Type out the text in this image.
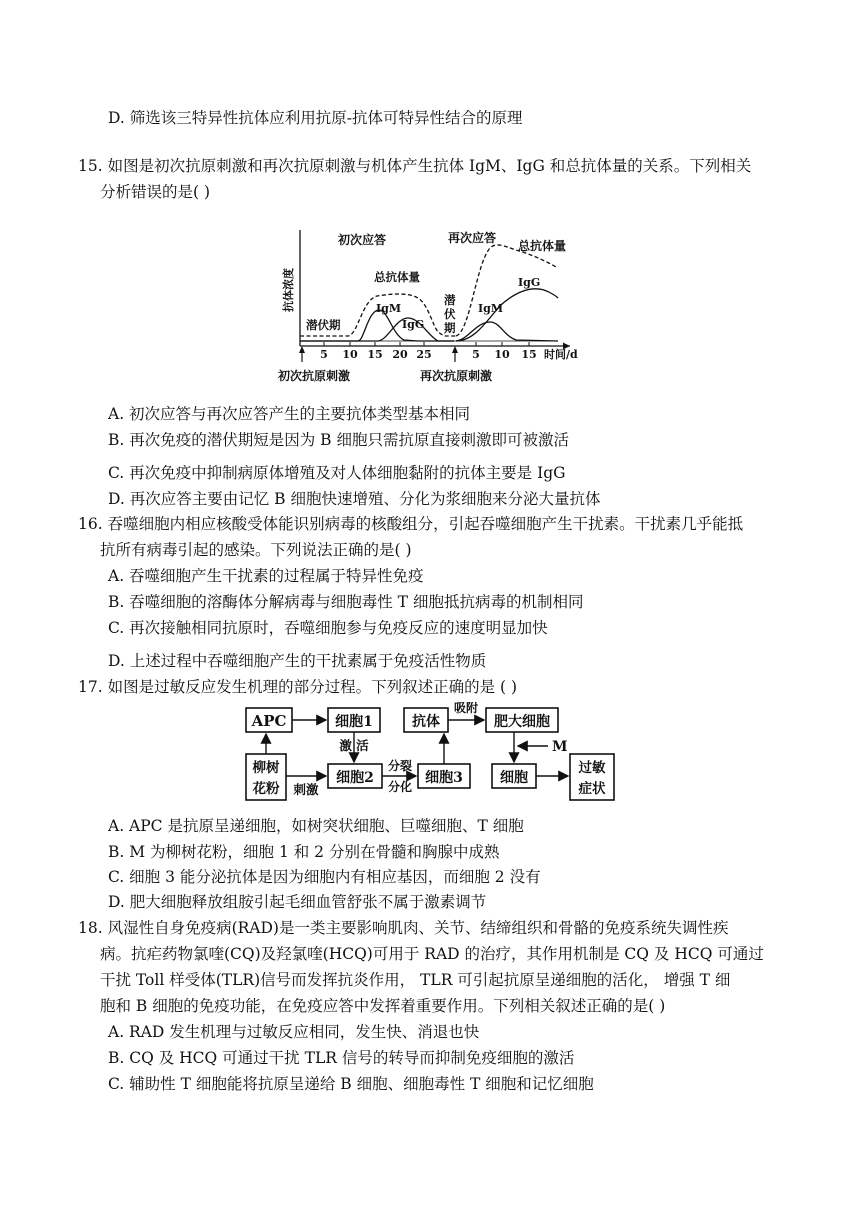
D. 筛选该三特异性抗体应利用抗原-抗体可特异性结合的原理
15. 如图是初次抗原刺激和再次抗原刺激与机体产生抗体 IgM、IgG 和总抗体量的关系。下列相关
分析错误的是( )
抗体浓度
初次应答	再次应答
总抗体量
总抗体量
IgM
IgG
IgM
IgG
潜伏期
潜
伏
期
5 10 15 20 25	5 10 15 时间/d
初次抗原刺激	再次抗原刺激
A. 初次应答与再次应答产生的主要抗体类型基本相同
B. 再次免疫的潜伏期短是因为 B 细胞只需抗原直接刺激即可被激活
C. 再次免疫中抑制病原体增殖及对人体细胞黏附的抗体主要是 IgG
D. 再次应答主要由记忆 B 细胞快速增殖、分化为浆细胞来分泌大量抗体
16. 吞噬细胞内相应核酸受体能识别病毒的核酸组分，引起吞噬细胞产生干扰素。干扰素几乎能抵
抗所有病毒引起的感染。下列说法正确的是( )
A. 吞噬细胞产生干扰素的过程属于特异性免疫
B. 吞噬细胞的溶酶体分解病毒与细胞毒性 T 细胞抵抗病毒的机制相同
C. 再次接触相同抗原时，吞噬细胞参与免疫反应的速度明显加快
D. 上述过程中吞噬细胞产生的干扰素属于免疫活性物质
17. 如图是过敏反应发生机理的部分过程。下列叙述正确的是 ( )
APC	细胞1	抗体
吸附
肥大细胞
激 活	M
柳树
花粉 刺激
细胞2
分裂
分化
细胞3	细胞
过敏
症状
A. APC 是抗原呈递细胞，如树突状细胞、巨噬细胞、T 细胞
B. M 为柳树花粉，细胞 1 和 2 分别在骨髓和胸腺中成熟
C. 细胞 3 能分泌抗体是因为细胞内有相应基因，而细胞 2 没有
D. 肥大细胞释放组胺引起毛细血管舒张不属于激素调节
18. 风湿性自身免疫病(RAD)是一类主要影响肌肉、关节、结缔组织和骨骼的免疫系统失调性疾
病。抗疟药物氯喹(CQ)及羟氯喹(HCQ)可用于 RAD 的治疗，其作用机制是 CQ 及 HCQ 可通过
干扰 Toll 样受体(TLR)信号而发挥抗炎作用， TLR 可引起抗原呈递细胞的活化， 增强 T 细
胞和 B 细胞的免疫功能，在免疫应答中发挥着重要作用。下列相关叙述正确的是( )
A. RAD 发生机理与过敏反应相同，发生快、消退也快
B. CQ 及 HCQ 可通过干扰 TLR 信号的转导而抑制免疫细胞的激活
C. 辅助性 T 细胞能将抗原呈递给 B 细胞、细胞毒性 T 细胞和记忆细胞
